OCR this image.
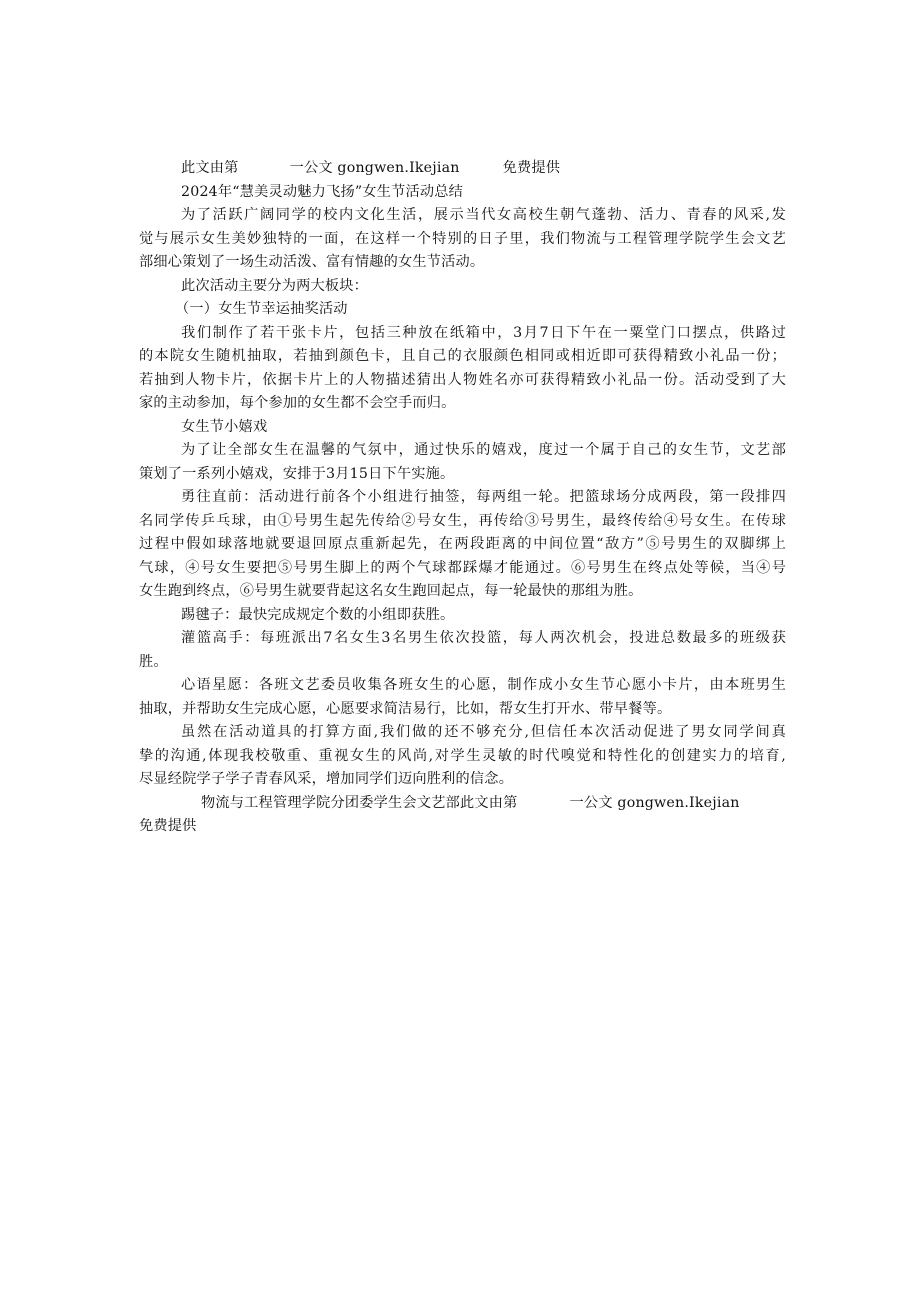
此文由第	一公文 gongwen.Ikejian	免费提供
2024年“慧美灵动魅力飞扬”女生节活动总结
为了活跃广阔同学的校内文化生活，展示当代女高校生朝气蓬勃、活力、青春的风采,发
觉与展示女生美妙独特的一面，在这样一个特别的日子里，我们物流与工程管理学院学生会文艺
部细心策划了一场生动活泼、富有情趣的女生节活动。
此次活动主要分为两大板块：
（一）女生节幸运抽奖活动
我们制作了若干张卡片，包括三种放在纸箱中，3月7日下午在一粟堂门口摆点，供路过
的本院女生随机抽取，若抽到颜色卡，且自己的衣服颜色相同或相近即可获得精致小礼品一份；
若抽到人物卡片，依据卡片上的人物描述猜出人物姓名亦可获得精致小礼品一份。活动受到了大
家的主动参加，每个参加的女生都不会空手而归。
女生节小嬉戏
为了让全部女生在温馨的气氛中，通过快乐的嬉戏，度过一个属于自己的女生节，文艺部
策划了一系列小嬉戏，安排于3月15日下午实施。
勇往直前：活动进行前各个小组进行抽签，每两组一轮。把篮球场分成两段，第一段排四
名同学传乒乓球，由①号男生起先传给②号女生，再传给③号男生，最终传给④号女生。在传球
过程中假如球落地就要退回原点重新起先，在两段距离的中间位置“敌方”⑤号男生的双脚绑上
气球，④号女生要把⑤号男生脚上的两个气球都踩爆才能通过。⑥号男生在终点处等候，当④号
女生跑到终点，⑥号男生就要背起这名女生跑回起点，每一轮最快的那组为胜。
踢毽子：最快完成规定个数的小组即获胜。
灌篮高手：每班派出7名女生3名男生依次投篮，每人两次机会，投进总数最多的班级获
胜。
心语星愿：各班文艺委员收集各班女生的心愿，制作成小女生节心愿小卡片，由本班男生
抽取，并帮助女生完成心愿，心愿要求简洁易行，比如，帮女生打开水、带早餐等。
虽然在活动道具的打算方面,我们做的还不够充分,但信任本次活动促进了男女同学间真
挚的沟通,体现我校敬重、重视女生的风尚,对学生灵敏的时代嗅觉和特性化的创建实力的培育,
尽显经院学子学子青春风采，增加同学们迈向胜利的信念。
物流与工程管理学院分团委学生会文艺部此文由第	一公文 gongwen.Ikejian
免费提供
